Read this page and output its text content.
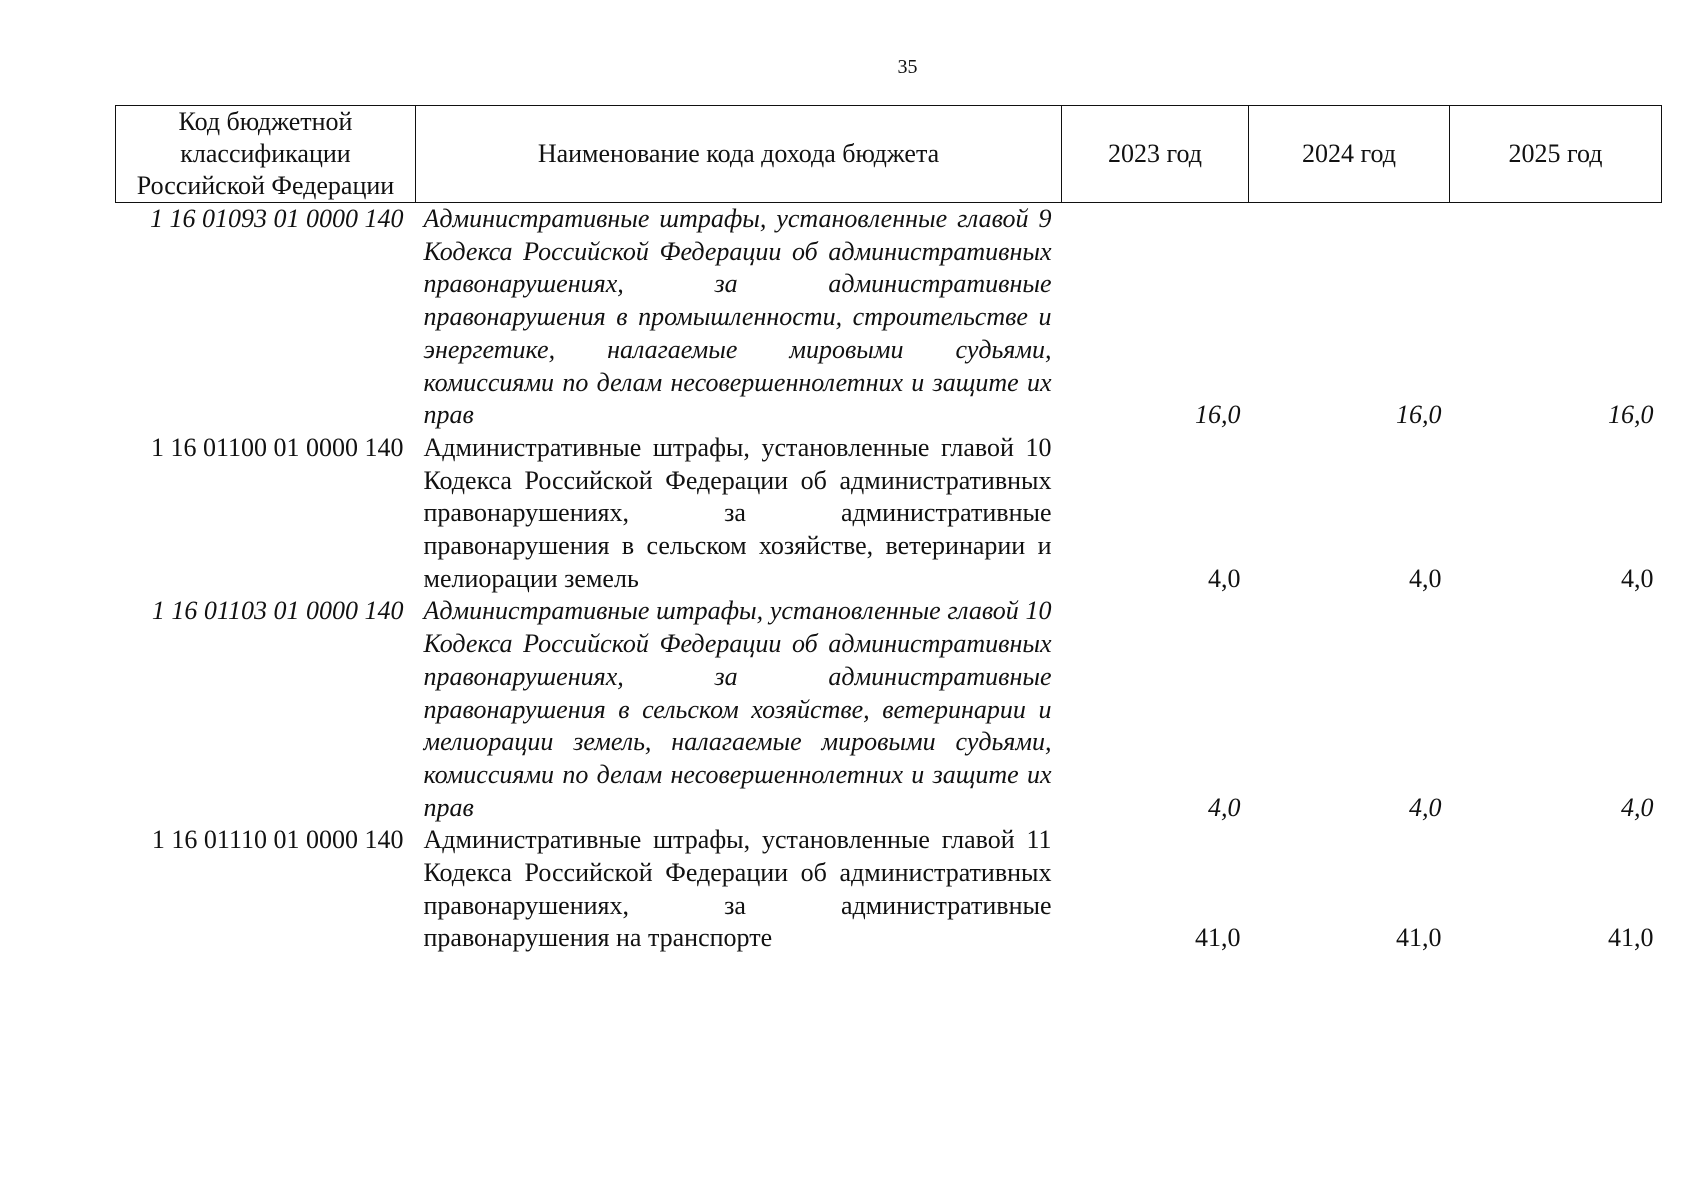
35
Код бюджетной классификации Российской Федерации	Наименование кода дохода бюджета	2023 год	2024 год	2025 год
1 16 01093 01 0000 140	Административные штрафы, установленные главой 9 Кодекса Российской Федерации об административных правонарушениях, за административные правонарушения в промышленности, строительстве и энергетике, налагаемые мировыми судьями, комиссиями по делам несовершеннолетних и защите их прав	16,0	16,0	16,0
1 16 01100 01 0000 140	Административные штрафы, установленные главой 10 Кодекса Российской Федерации об административных правонарушениях, за административные правонарушения в сельском хозяйстве, ветеринарии и мелиорации земель	4,0	4,0	4,0
1 16 01103 01 0000 140	Административные штрафы, установленные главой 10 Кодекса Российской Федерации об административных правонарушениях, за административные правонарушения в сельском хозяйстве, ветеринарии и мелиорации земель, налагаемые мировыми судьями, комиссиями по делам несовершеннолетних и защите их прав	4,0	4,0	4,0
1 16 01110 01 0000 140	Административные штрафы, установленные главой 11 Кодекса Российской Федерации об административных правонарушениях, за административные правонарушения на транспорте	41,0	41,0	41,0
